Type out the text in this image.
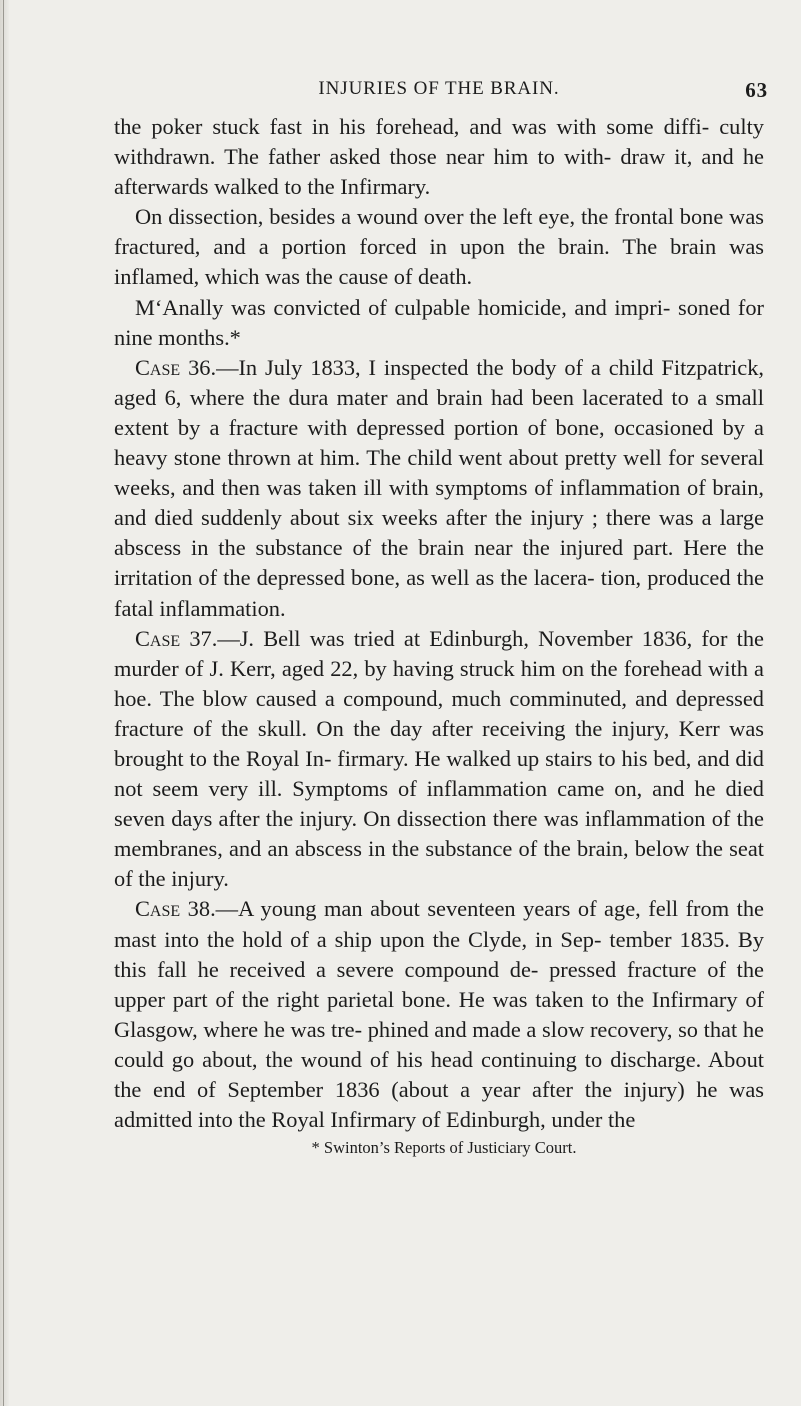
INJURIES OF THE BRAIN.	63

the poker stuck fast in his forehead, and was with some diffi- culty withdrawn. The father asked those near him to with- draw it, and he afterwards walked to the Infirmary.

On dissection, besides a wound over the left eye, the frontal bone was fractured, and a portion forced in upon the brain. The brain was inflamed, which was the cause of death.

M‘Anally was convicted of culpable homicide, and impri- soned for nine months.*

Case 36.—In July 1833, I inspected the body of a child Fitzpatrick, aged 6, where the dura mater and brain had been lacerated to a small extent by a fracture with depressed portion of bone, occasioned by a heavy stone thrown at him. The child went about pretty well for several weeks, and then was taken ill with symptoms of inflammation of brain, and died suddenly about six weeks after the injury ; there was a large abscess in the substance of the brain near the injured part. Here the irritation of the depressed bone, as well as the lacera- tion, produced the fatal inflammation.

Case 37.—J. Bell was tried at Edinburgh, November 1836, for the murder of J. Kerr, aged 22, by having struck him on the forehead with a hoe. The blow caused a compound, much comminuted, and depressed fracture of the skull. On the day after receiving the injury, Kerr was brought to the Royal In- firmary. He walked up stairs to his bed, and did not seem very ill. Symptoms of inflammation came on, and he died seven days after the injury. On dissection there was inflammation of the membranes, and an abscess in the substance of the brain, below the seat of the injury.

Case 38.—A young man about seventeen years of age, fell from the mast into the hold of a ship upon the Clyde, in Sep- tember 1835. By this fall he received a severe compound de- pressed fracture of the upper part of the right parietal bone. He was taken to the Infirmary of Glasgow, where he was tre- phined and made a slow recovery, so that he could go about, the wound of his head continuing to discharge. About the end of September 1836 (about a year after the injury) he was admitted into the Royal Infirmary of Edinburgh, under the

* Swinton’s Reports of Justiciary Court.
